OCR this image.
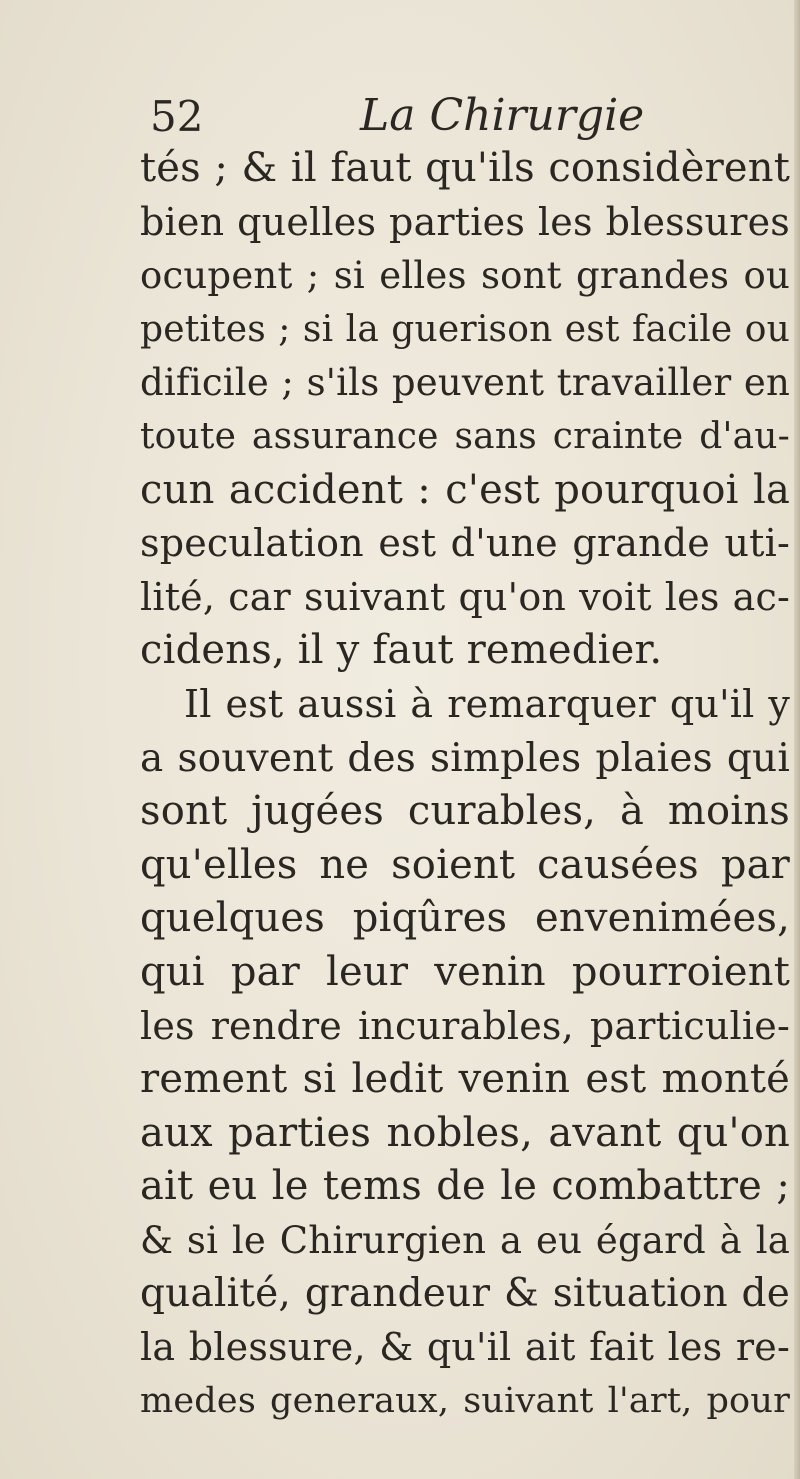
52	La Chirurgie
tés ; & il faut qu'ils considèrent
bien quelles parties les blessures
ocupent ; si elles sont grandes ou
petites ; si la guerison est facile ou
dificile ; s'ils peuvent travailler en
toute assurance sans crainte d'au-
cun accident : c'est pourquoi la
speculation est d'une grande uti-
lité, car suivant qu'on voit les ac-
cidens, il y faut remedier.
Il est aussi à remarquer qu'il y
a souvent des simples plaies qui
sont jugées curables, à moins
qu'elles ne soient causées par
quelques piqûres envenimées,
qui par leur venin pourroient
les rendre incurables, particulie-
rement si ledit venin est monté
aux parties nobles, avant qu'on
ait eu le tems de le combattre ;
& si le Chirurgien a eu égard à la
qualité, grandeur & situation de
la blessure, & qu'il ait fait les re-
medes generaux, suivant l'art, pour
